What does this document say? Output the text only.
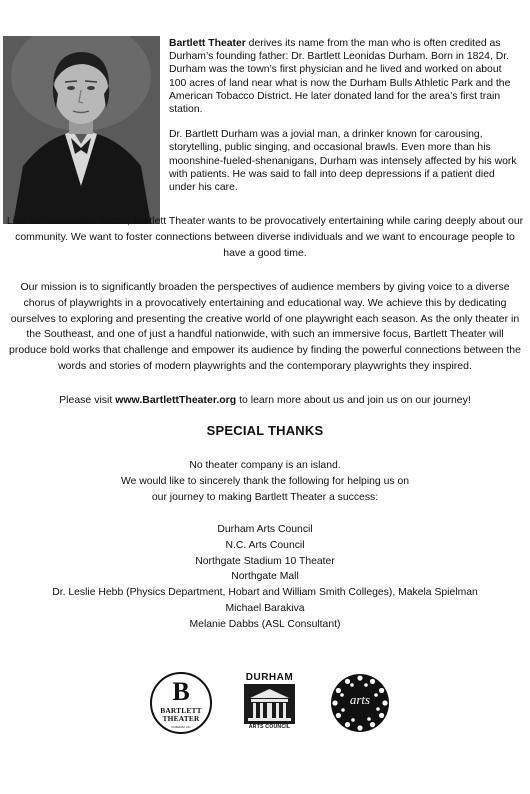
Bartlett Theater derives its name from the man who is often credited as Durham’s founding father: Dr. Bartlett Leonidas Durham. Born in 1824, Dr. Durham was the town’s first physician and he lived and worked on about 100 acres of land near what is now the Durham Bulls Athletic Park and the American Tobacco District. He later donated land for the area’s first train station.

Dr. Bartlett Durham was a jovial man, a drinker known for carousing, storytelling, public singing, and occasional brawls. Even more than his moonshine-fueled-shenanigans, Durham was intensely affected by his work with patients. He was said to fall into deep depressions if a patient died under his care.

Like our namesake doctor, Bartlett Theater wants to be provocatively entertaining while caring deeply about our community. We want to foster connections between diverse individuals and we want to encourage people to have a good time.

Our mission is to significantly broaden the perspectives of audience members by giving voice to a diverse chorus of playwrights in a provocatively entertaining and educational way. We achieve this by dedicating ourselves to exploring and presenting the creative world of one playwright each season. As the only theater in the Southeast, and one of just a handful nationwide, with such an immersive focus, Bartlett Theater will produce bold works that challenge and empower its audience by finding the powerful connections between the words and stories of modern playwrights and the contemporary playwrights they inspired.

Please visit www.BartlettTheater.org to learn more about us and join us on our journey!

SPECIAL THANKS
No theater company is an island.
We would like to sincerely thank the following for helping us on
our journey to making Bartlett Theater a success:
Durham Arts Council
N.C. Arts Council
Northgate Stadium 10 Theater
Northgate Mall
Dr. Leslie Hebb (Physics Department, Hobart and William Smith Colleges), Makela Spielman
Michael Barakiva
Melanie Dabbs (ASL Consultant)
B
BARTLETT
THEATER
DURHAM, NC
DURHAM
ARTS COUNCIL
arts
